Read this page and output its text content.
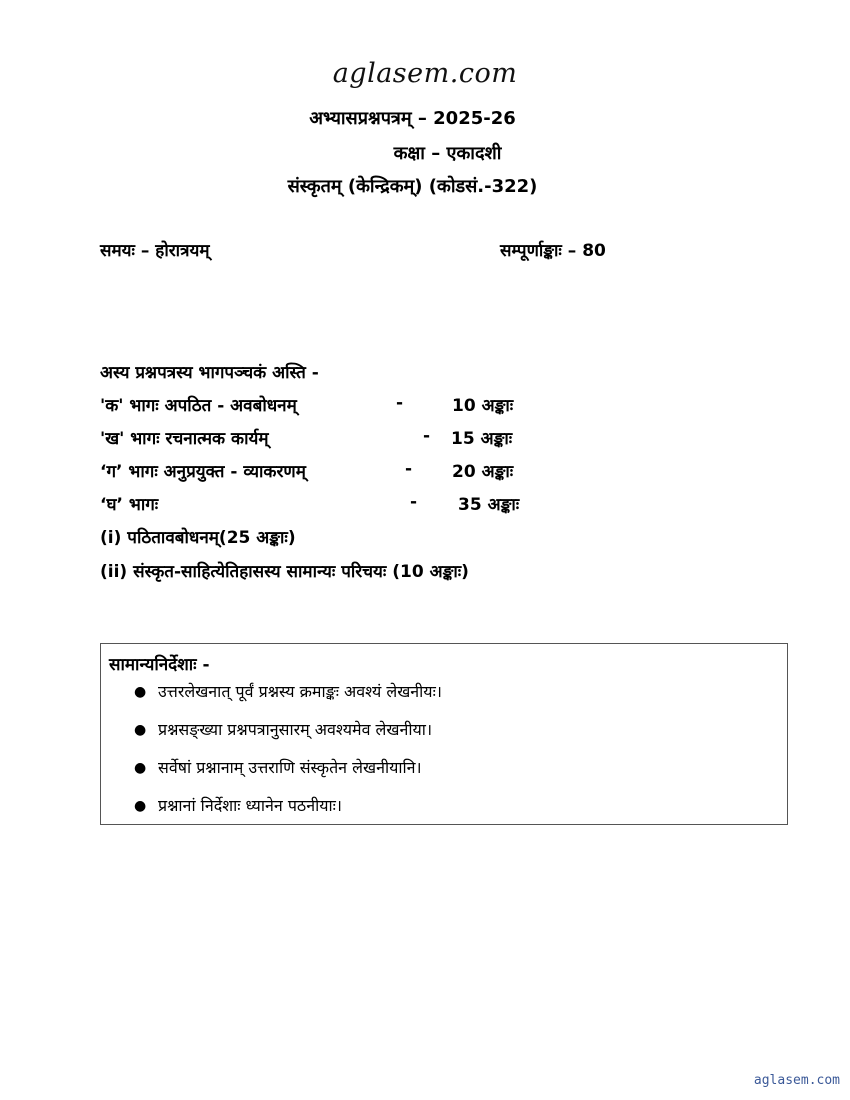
aglasem.com
अभ्यासप्रश्नपत्रम् – 2025-26
कक्षा – एकादशी
संस्कृतम् (केन्द्रिकम्) (कोडसं.-322)
समयः – होरात्रयम्	सम्पूर्णाङ्काः – 80
अस्य प्रश्नपत्रस्य भागपञ्चकं अस्ति -
'क' भागः अपठित - अवबोधनम्	-	10 अङ्काः
'ख' भागः रचनात्मक कार्यम्	- 15 अङ्काः
‘ग’ भागः अनुप्रयुक्त - व्याकरणम्	- 20 अङ्काः
‘घ’ भागः	- 35 अङ्काः
(i) पठितावबोधनम्(25 अङ्काः)
(ii) संस्कृत-साहित्येतिहासस्य सामान्यः परिचयः (10 अङ्काः)
सामान्यनिर्देशाः -
● उत्तरलेखनात् पूर्वं प्रश्नस्य क्रमाङ्कः अवश्यं लेखनीयः।
● प्रश्नसङ्ख्या प्रश्नपत्रानुसारम् अवश्यमेव लेखनीया।
● सर्वेषां प्रश्नानाम् उत्तराणि संस्कृतेन लेखनीयानि।
● प्रश्नानां निर्देशाः ध्यानेन पठनीयाः।
aglasem.com
